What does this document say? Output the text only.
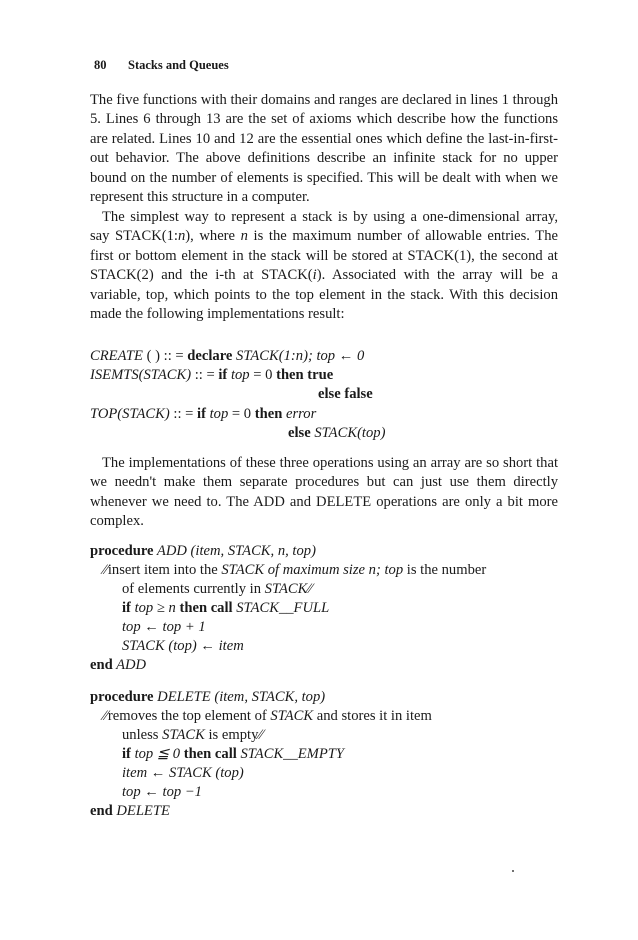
80 Stacks and Queues

The five functions with their domains and ranges are declared in lines 1 through 5. Lines 6 through 13 are the set of axioms which describe how the functions are related. Lines 10 and 12 are the essential ones which define the last-in-first-out behavior. The above definitions describe an infinite stack for no upper bound on the number of elements is specified. This will be dealt with when we represent this structure in a computer.

The simplest way to represent a stack is by using a one-dimensional array, say STACK(1:n), where n is the maximum number of allowable entries. The first or bottom element in the stack will be stored at STACK(1), the second at STACK(2) and the i-th at STACK(i). Associated with the array will be a variable, top, which points to the top element in the stack. With this decision made the following implementations result:

CREATE ( ) :: = declare STACK(1:n); top ← 0
ISEMTS(STACK) :: = if top = 0 then true
else false
TOP(STACK) :: = if top = 0 then error
else STACK(top)

The implementations of these three operations using an array are so short that we needn't make them separate procedures but can just use them directly whenever we need to. The ADD and DELETE operations are only a bit more complex.

procedure ADD (item, STACK, n, top)
⁄⁄insert item into the STACK of maximum size n; top is the number
of elements currently in STACK⁄⁄
if top ≥ n then call STACK__FULL
top ← top + 1
STACK (top) ← item
end ADD
procedure DELETE (item, STACK, top)
⁄⁄removes the top element of STACK and stores it in item
unless STACK is empty⁄⁄
if top ≦ 0 then call STACK__EMPTY
item ← STACK (top)
top ← top −1
end DELETE
